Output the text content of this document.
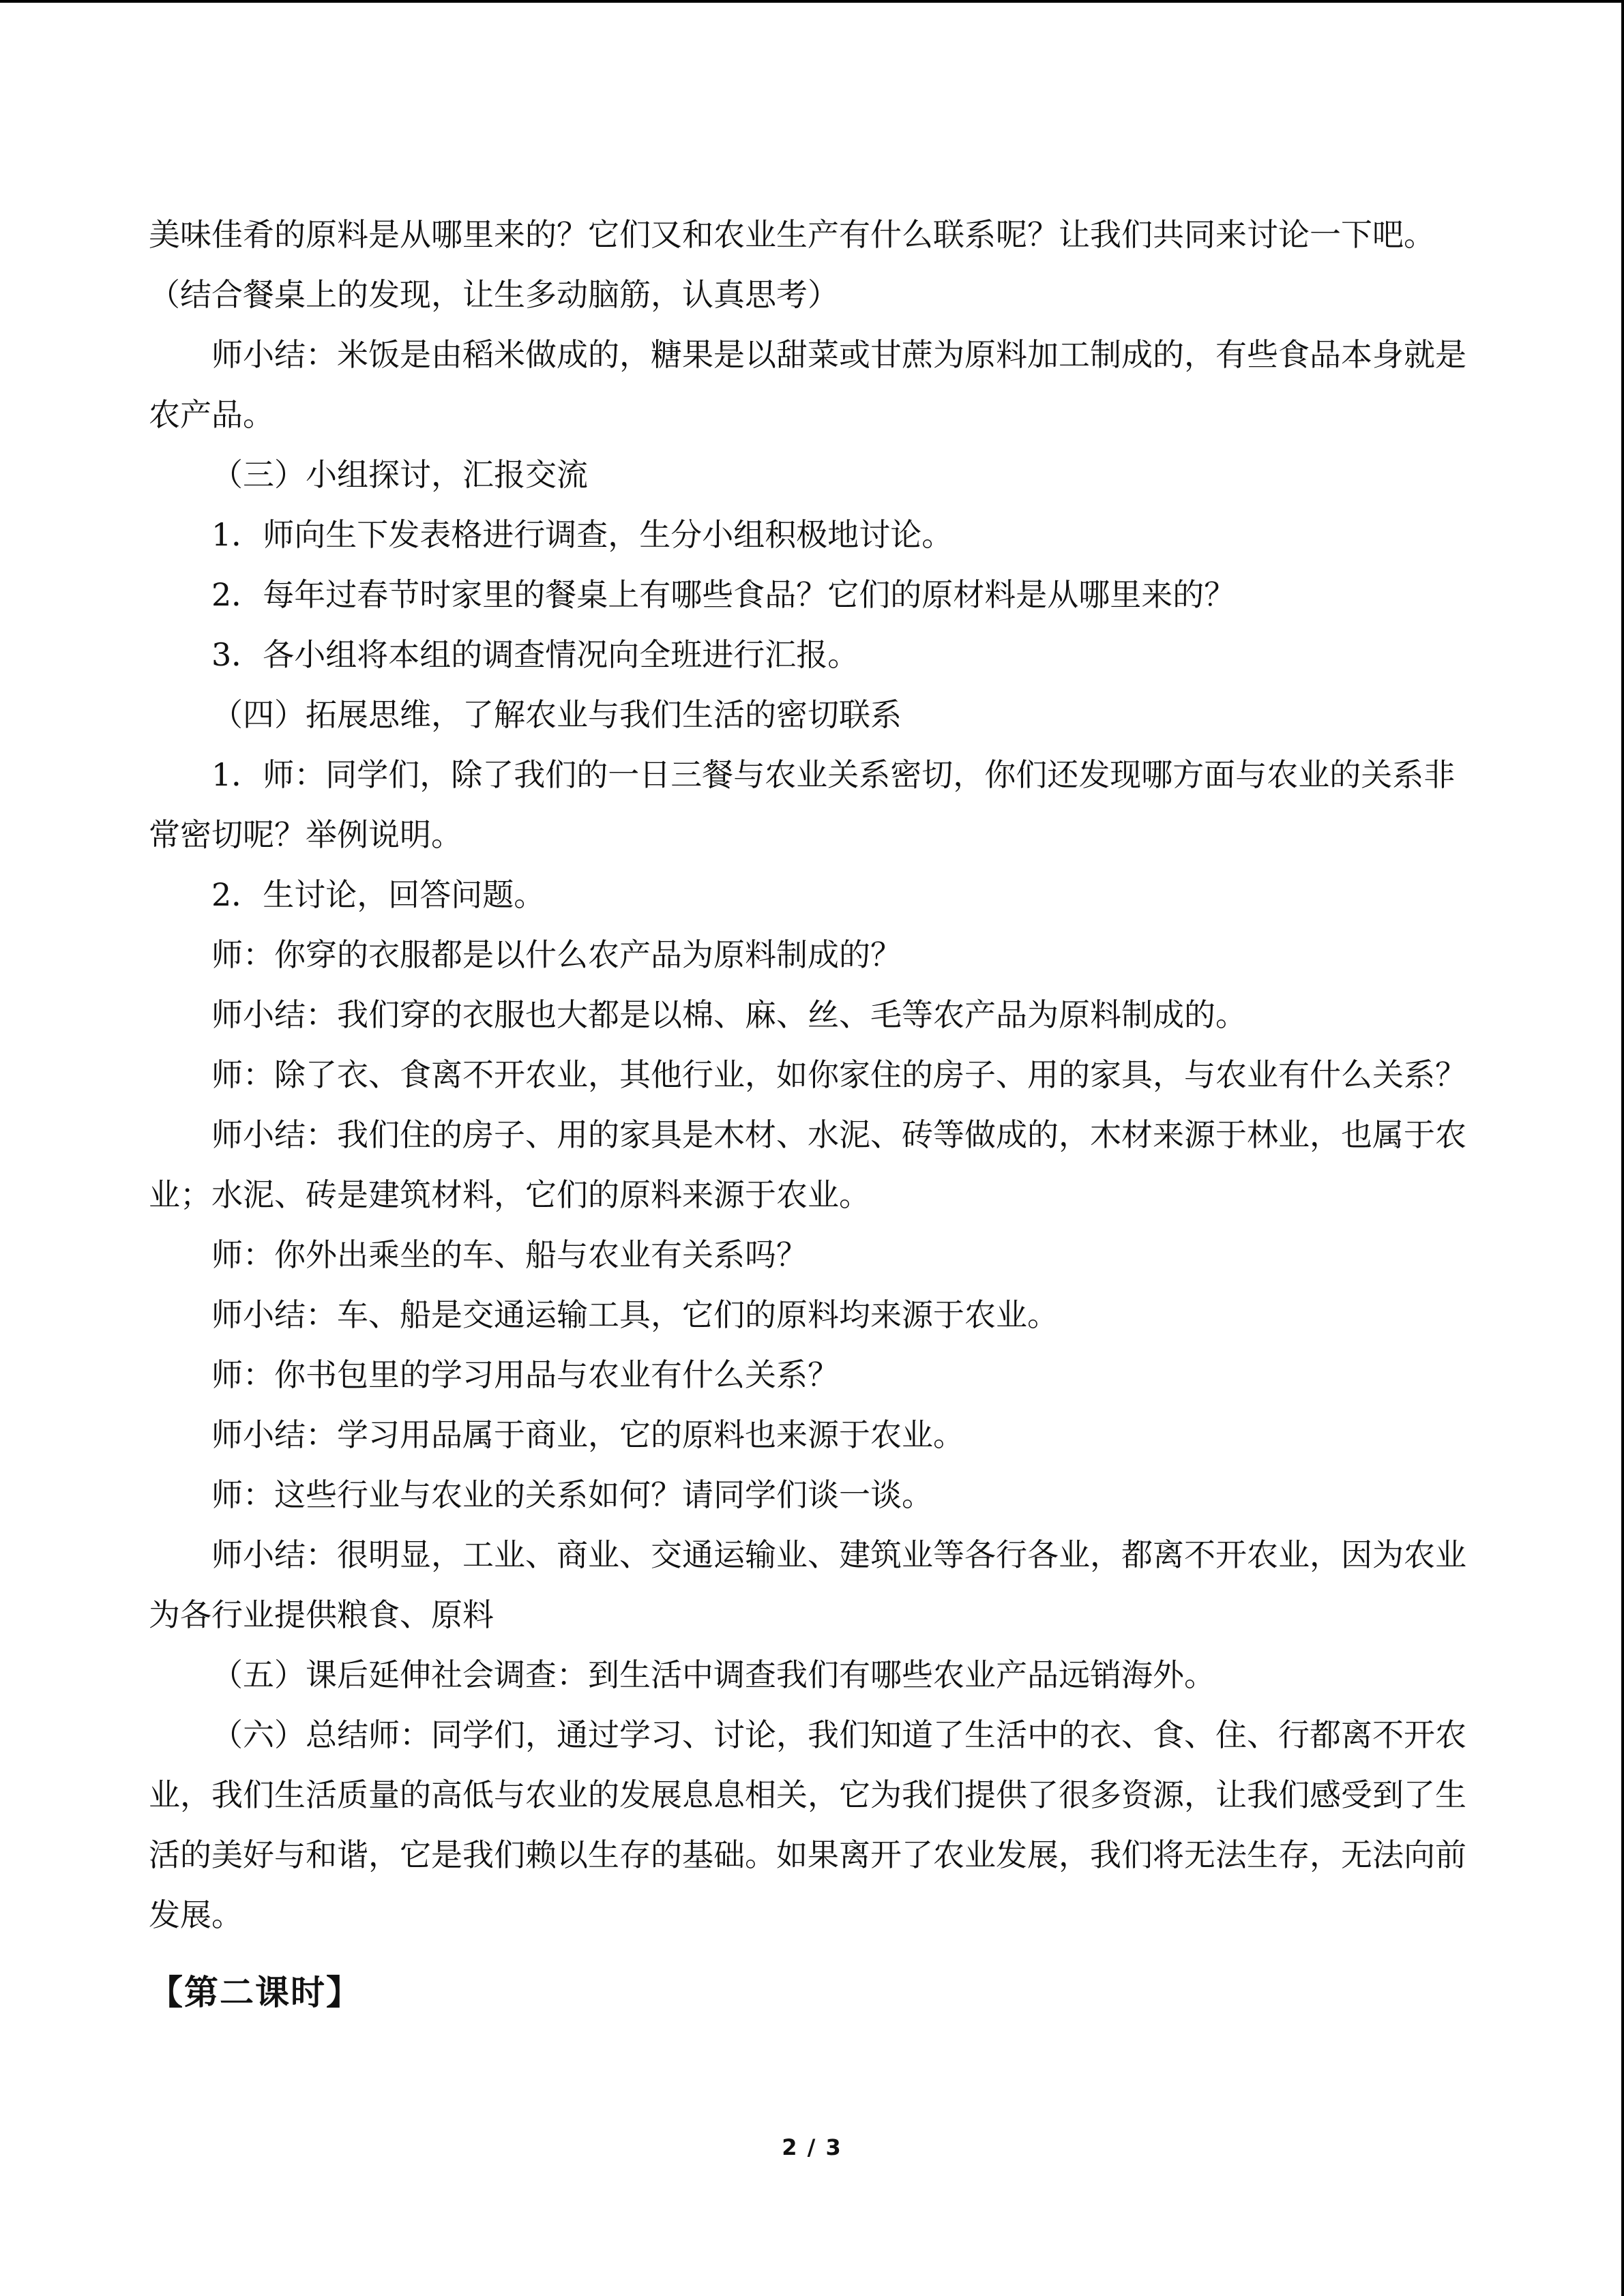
美味佳肴的原料是从哪里来的？它们又和农业生产有什么联系呢？让我们共同来讨论一下吧。（结合餐桌上的发现，让生多动脑筋，认真思考）

师小结：米饭是由稻米做成的，糖果是以甜菜或甘蔗为原料加工制成的，有些食品本身就是农产品。

（三）小组探讨，汇报交流

1．师向生下发表格进行调查，生分小组积极地讨论。

2．每年过春节时家里的餐桌上有哪些食品？它们的原材料是从哪里来的？

3．各小组将本组的调查情况向全班进行汇报。

（四）拓展思维，了解农业与我们生活的密切联系

1．师：同学们，除了我们的一日三餐与农业关系密切，你们还发现哪方面与农业的关系非常密切呢？举例说明。

2．生讨论，回答问题。

师：你穿的衣服都是以什么农产品为原料制成的？

师小结：我们穿的衣服也大都是以棉、麻、丝、毛等农产品为原料制成的。

师：除了衣、食离不开农业，其他行业，如你家住的房子、用的家具，与农业有什么关系？

师小结：我们住的房子、用的家具是木材、水泥、砖等做成的，木材来源于林业，也属于农业；水泥、砖是建筑材料，它们的原料来源于农业。

师：你外出乘坐的车、船与农业有关系吗？

师小结：车、船是交通运输工具，它们的原料均来源于农业。

师：你书包里的学习用品与农业有什么关系？

师小结：学习用品属于商业，它的原料也来源于农业。

师：这些行业与农业的关系如何？请同学们谈一谈。

师小结：很明显，工业、商业、交通运输业、建筑业等各行各业，都离不开农业，因为农业为各行业提供粮食、原料

（五）课后延伸社会调查：到生活中调查我们有哪些农业产品远销海外。

（六）总结师：同学们，通过学习、讨论，我们知道了生活中的衣、食、住、行都离不开农业，我们生活质量的高低与农业的发展息息相关，它为我们提供了很多资源，让我们感受到了生活的美好与和谐，它是我们赖以生存的基础。如果离开了农业发展，我们将无法生存，无法向前发展。

【第二课时】
2 / 3
